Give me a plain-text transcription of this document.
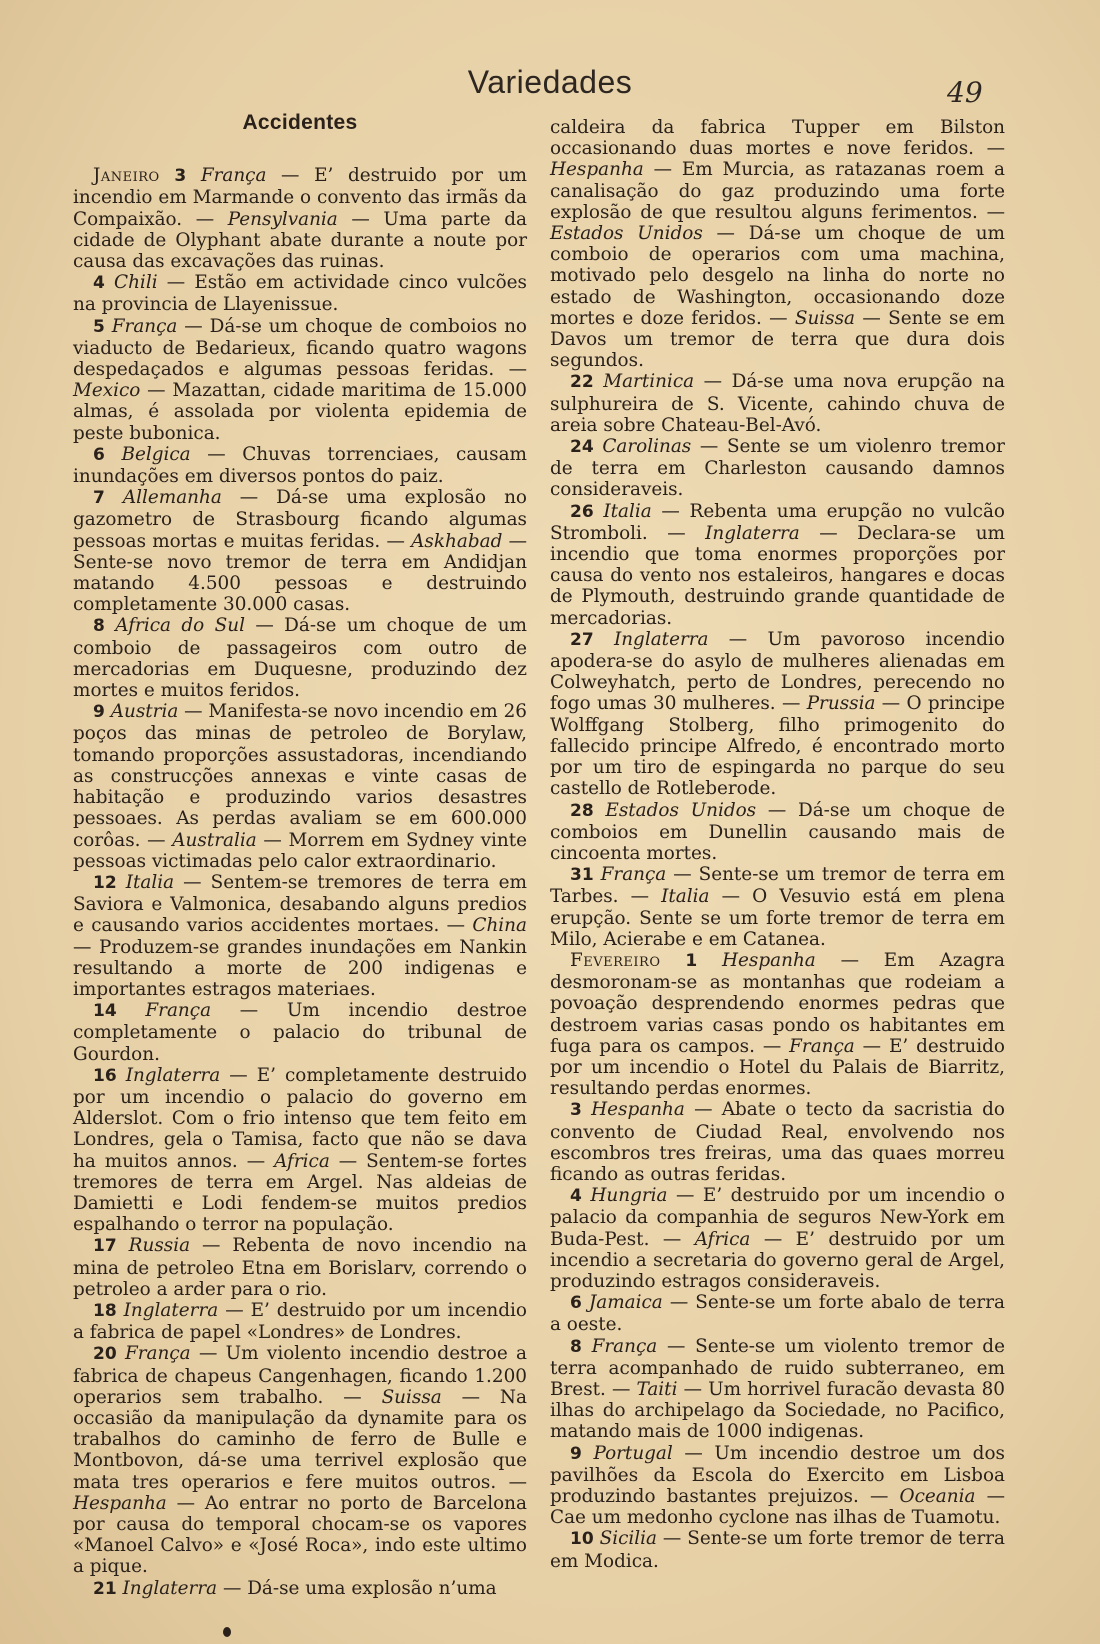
Variedades	49
Accidentes

Janeiro 3 França — E’ destruido por um incendio em Marmande o convento das irmãs da Compaixão. — Pensylvania — Uma parte da cidade de Olyphant abate durante a noute por causa das excavações das ruinas.

4 Chili — Estão em actividade cinco vulcões na provincia de Llayenissue.

5 França — Dá-se um choque de comboios no viaducto de Bedarieux, ficando quatro wagons despedaçados e algumas pessoas feridas. — Mexico — Mazattan, cidade maritima de 15.000 almas, é assolada por violenta epidemia de peste bubonica.

6 Belgica — Chuvas torrenciaes, causam inundações em diversos pontos do paiz.

7 Allemanha — Dá-se uma explosão no gazometro de Strasbourg ficando algumas pessoas mortas e muitas feridas. — Askhabad — Sente-se novo tremor de terra em Andidjan matando 4.500 pessoas e destruindo completamente 30.000 casas.

8 Africa do Sul — Dá-se um choque de um comboio de passageiros com outro de mercadorias em Duquesne, produzindo dez mortes e muitos feridos.

9 Austria — Manifesta-se novo incendio em 26 poços das minas de petroleo de Borylaw, tomando proporções assustadoras, incendiando as construcções annexas e vinte casas de habitação e produzindo varios desastres pessoaes. As perdas avaliam se em 600.000 corôas. — Australia — Morrem em Sydney vinte pessoas victimadas pelo calor extraordinario.

12 Italia — Sentem-se tremores de terra em Saviora e Valmonica, desabando alguns predios e causando varios accidentes mortaes. — China — Produzem-se grandes inundações em Nankin resultando a morte de 200 indigenas e importantes estragos materiaes.

14 França — Um incendio destroe completamente o palacio do tribunal de Gourdon.

16 Inglaterra — E’ completamente destruido por um incendio o palacio do governo em Alderslot. Com o frio intenso que tem feito em Londres, gela o Tamisa, facto que não se dava ha muitos annos. — Africa — Sentem-se fortes tremores de terra em Argel. Nas aldeias de Damietti e Lodi fendem-se muitos predios espalhando o terror na população.

17 Russia — Rebenta de novo incendio na mina de petroleo Etna em Borislarv, correndo o petroleo a arder para o rio.

18 Inglaterra — E’ destruido por um incendio a fabrica de papel «Londres» de Londres.

20 França — Um violento incendio destroe a fabrica de chapeus Cangenhagen, ficando 1.200 operarios sem trabalho. — Suissa — Na occasião da manipulação da dynamite para os trabalhos do caminho de ferro de Bulle e Montbovon, dá-se uma terrivel explosão que mata tres operarios e fere muitos outros. — Hespanha — Ao entrar no porto de Barcelona por causa do temporal chocam-se os vapores «Manoel Calvo» e «José Roca», indo este ultimo a pique.

21 Inglaterra — Dá-se uma explosão n’uma

caldeira da fabrica Tupper em Bilston occasionando duas mortes e nove feridos. — Hespanha — Em Murcia, as ratazanas roem a canalisação do gaz produzindo uma forte explosão de que resultou alguns ferimentos. — Estados Unidos — Dá-se um choque de um comboio de operarios com uma machina, motivado pelo desgelo na linha do norte no estado de Washington, occasionando doze mortes e doze feridos. — Suissa — Sente se em Davos um tremor de terra que dura dois segundos.

22 Martinica — Dá-se uma nova erupção na sulphureira de S. Vicente, cahindo chuva de areia sobre Chateau-Bel-Avó.

24 Carolinas — Sente se um violenro tremor de terra em Charleston causando damnos consideraveis.

26 Italia — Rebenta uma erupção no vulcão Stromboli. — Inglaterra — Declara-se um incendio que toma enormes proporções por causa do vento nos estaleiros, hangares e docas de Plymouth, destruindo grande quantidade de mercadorias.

27 Inglaterra — Um pavoroso incendio apodera-se do asylo de mulheres alienadas em Colweyhatch, perto de Londres, perecendo no fogo umas 30 mulheres. — Prussia — O principe Wolffgang Stolberg, filho primogenito do fallecido principe Alfredo, é encontrado morto por um tiro de espingarda no parque do seu castello de Rotleberode.

28 Estados Unidos — Dá-se um choque de comboios em Dunellin causando mais de cincoenta mortes.

31 França — Sente-se um tremor de terra em Tarbes. — Italia — O Vesuvio está em plena erupção. Sente se um forte tremor de terra em Milo, Acierabe e em Catanea.

Fevereiro 1 Hespanha — Em Azagra desmoronam-se as montanhas que rodeiam a povoação desprendendo enormes pedras que destroem varias casas pondo os habitantes em fuga para os campos. — França — E’ destruido por um incendio o Hotel du Palais de Biarritz, resultando perdas enormes.

3 Hespanha — Abate o tecto da sacristia do convento de Ciudad Real, envolvendo nos escombros tres freiras, uma das quaes morreu ficando as outras feridas.

4 Hungria — E’ destruido por um incendio o palacio da companhia de seguros New-York em Buda-Pest. — Africa — E’ destruido por um incendio a secretaria do governo geral de Argel, produzindo estragos consideraveis.

6 Jamaica — Sente-se um forte abalo de terra a oeste.

8 França — Sente-se um violento tremor de terra acompanhado de ruido subterraneo, em Brest. — Taiti — Um horrivel furacão devasta 80 ilhas do archipelago da Sociedade, no Pacifico, matando mais de 1000 indigenas.

9 Portugal — Um incendio destroe um dos pavilhões da Escola do Exercito em Lisboa produzindo bastantes prejuizos. — Oceania — Cae um medonho cyclone nas ilhas de Tuamotu.

10 Sicilia — Sente-se um forte tremor de terra em Modica.
